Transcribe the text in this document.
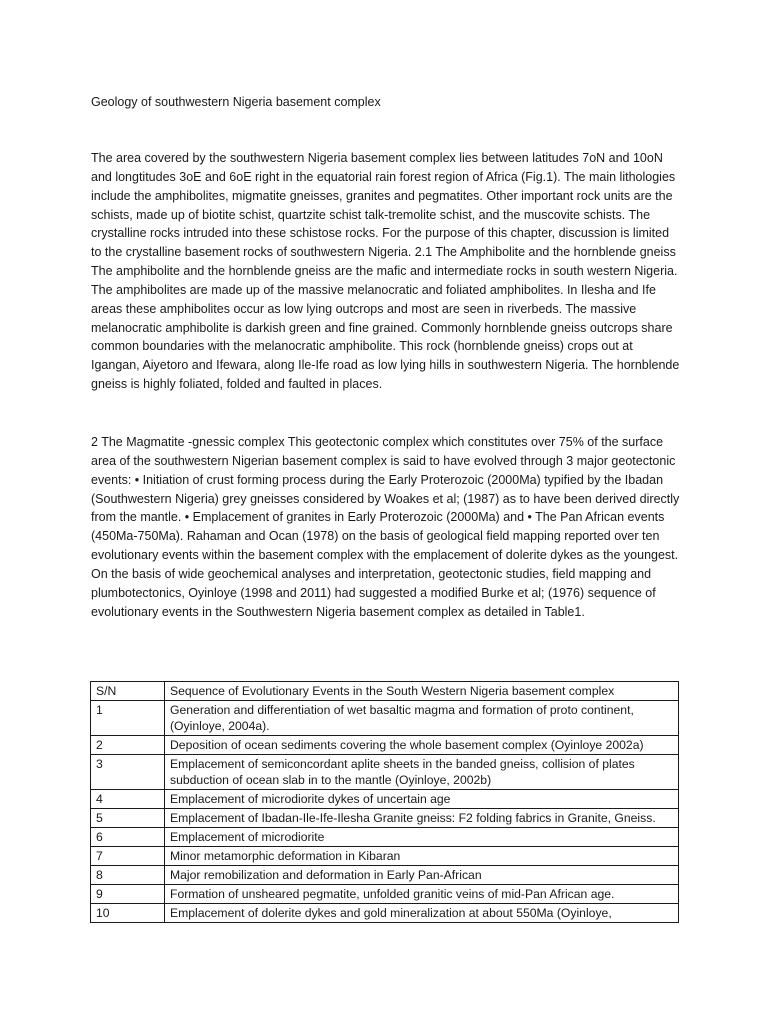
Geology of southwestern Nigeria basement complex

The area covered by the southwestern Nigeria basement complex lies between latitudes 7oN and 10oN and longtitudes 3oE and 6oE right in the equatorial rain forest region of Africa (Fig.1). The main lithologies include the amphibolites, migmatite gneisses, granites and pegmatites. Other important rock units are the schists, made up of biotite schist, quartzite schist talk-tremolite schist, and the muscovite schists. The crystalline rocks intruded into these schistose rocks. For the purpose of this chapter, discussion is limited to the crystalline basement rocks of southwestern Nigeria. 2.1 The Amphibolite and the hornblende gneiss The amphibolite and the hornblende gneiss are the mafic and intermediate rocks in south western Nigeria. The amphibolites are made up of the massive melanocratic and foliated amphibolites. In Ilesha and Ife areas these amphibolites occur as low lying outcrops and most are seen in riverbeds. The massive melanocratic amphibolite is darkish green and fine grained. Commonly hornblende gneiss outcrops share common boundaries with the melanocratic amphibolite. This rock (hornblende gneiss) crops out at Igangan, Aiyetoro and Ifewara, along Ile-Ife road as low lying hills in southwestern Nigeria. The hornblende gneiss is highly foliated, folded and faulted in places.

2 The Magmatite -gnessic complex This geotectonic complex which constitutes over 75% of the surface area of the southwestern Nigerian basement complex is said to have evolved through 3 major geotectonic events: • Initiation of crust forming process during the Early Proterozoic (2000Ma) typified by the Ibadan (Southwestern Nigeria) grey gneisses considered by Woakes et al; (1987) as to have been derived directly from the mantle. • Emplacement of granites in Early Proterozoic (2000Ma) and • The Pan African events (450Ma-750Ma). Rahaman and Ocan (1978) on the basis of geological field mapping reported over ten evolutionary events within the basement complex with the emplacement of dolerite dykes as the youngest. On the basis of wide geochemical analyses and interpretation, geotectonic studies, field mapping and plumbotectonics, Oyinloye (1998 and 2011) had suggested a modified Burke et al; (1976) sequence of evolutionary events in the Southwestern Nigeria basement complex as detailed in Table1.

S/N	Sequence of Evolutionary Events in the South Western Nigeria basement complex
1	Generation and differentiation of wet basaltic magma and formation of proto continent, (Oyinloye, 2004a).
2	Deposition of ocean sediments covering the whole basement complex (Oyinloye 2002a)
3	Emplacement of semiconcordant aplite sheets in the banded gneiss, collision of plates subduction of ocean slab in to the mantle (Oyinloye, 2002b)
4	Emplacement of microdiorite dykes of uncertain age
5	Emplacement of Ibadan-Ile-Ife-Ilesha Granite gneiss: F2 folding fabrics in Granite, Gneiss.
6	Emplacement of microdiorite
7	Minor metamorphic deformation in Kibaran
8	Major remobilization and deformation in Early Pan-African
9	Formation of unsheared pegmatite, unfolded granitic veins of mid-Pan African age.
10	Emplacement of dolerite dykes and gold mineralization at about 550Ma (Oyinloye,
